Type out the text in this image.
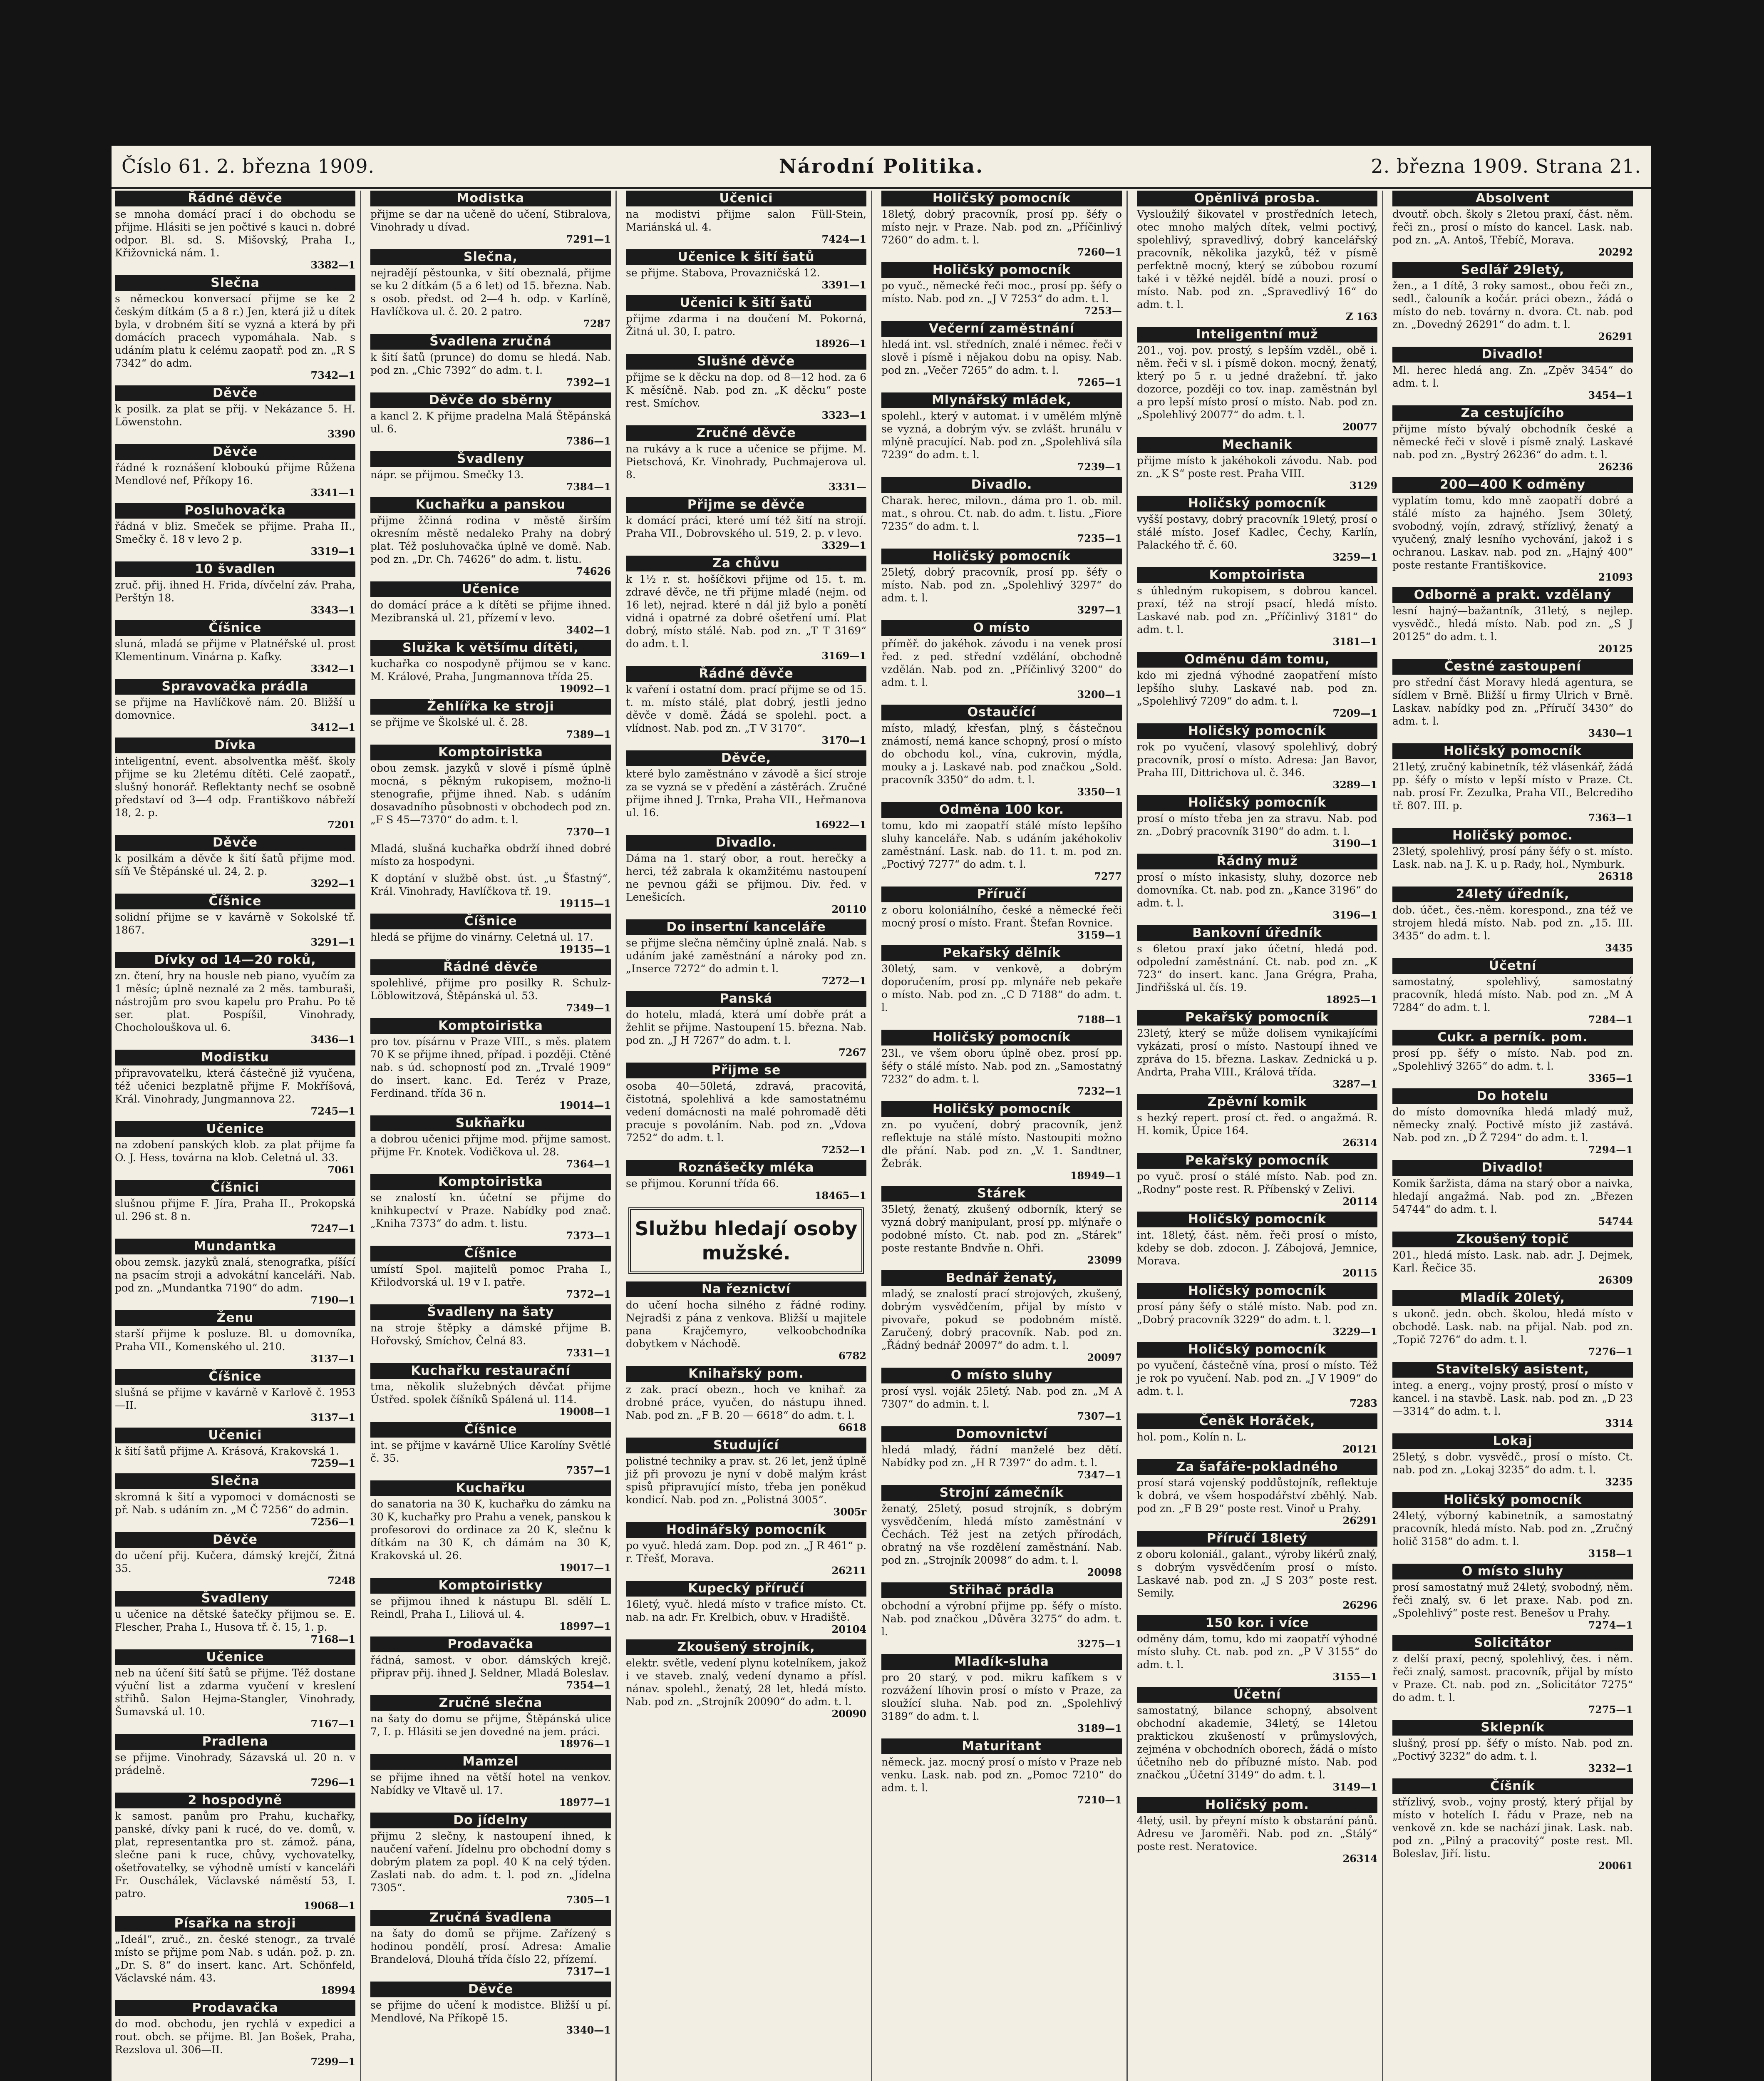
Číslo 61. 2. března 1909.	Národní Politika.	2. března 1909. Strana 21.
Řádné děvče
se mnoha domácí prací i do obchodu se přijme. Hlásiti se jen počtivé s kauci n. dobré odpor. Bl. sd. S. Mišovský, Praha I., Křižovnická nám. 1.
3382—1
Slečna
s německou konversací přijme se ke 2 českým dítkám (5 a 8 r.) Jen, která již u dítek byla, v drobném šití se vyzná a která by při domácích pracech vypomáhala. Nab. s udáním platu k celému zaopatř. pod zn. „R S 7342“ do adm.
7342—1
Děvče
k posilk. za plat se přij. v Nekázance 5. H. Löwenstohn.
3390
Děvče
řádné k roznášení kloboukú přijme Růžena Mendlové nef, Příkopy 16.
3341—1
Posluhovačka
řádná v bliz. Smeček se přijme. Praha II., Smečky č. 18 v levo 2 p.
3319—1
10 švadlen
zruč. přij. ihned H. Frida, dívčelní záv. Praha, Perštýn 18.
3343—1
Číšnice
sluná, mladá se přijme v Platnéřské ul. prost Klementinum. Vinárna p. Kafky.
3342—1
Spravovačka prádla
se přijme na Havlíčkově nám. 20. Bližší u domovnice.
3412—1
Dívka
inteligentní, event. absolventka měšť. školy přijme se ku 2letému dítěti. Celé zaopatř., slušný honorář. Reflektanty nechť se osobně představí od 3—4 odp. Františkovo nábřeží 18, 2. p.
7201
Děvče
k posilkám a děvče k šití šatů přijme mod. síň Ve Štěpánské ul. 24, 2. p.
3292—1
Číšnice
solidní přijme se v kavárně v Sokolské tř. 1867.
3291—1
Dívky od 14—20 roků,
zn. čtení, hry na housle neb piano, vyučím za 1 měsíc; úplně neznalé za 2 měs. tamburaši, nástrojům pro svou kapelu pro Prahu. Po tě ser. plat. Pospíšil, Vinohrady, Chocholouškova ul. 6.
3436—1
Modistku
připravovatelku, která částečně již vyučena, též učenici bezplatně přijme F. Mokříšová, Král. Vinohrady, Jungmannova 22.
7245—1
Učenice
na zdobení panských klob. za plat přijme fa O. J. Hess, továrna na klob. Celetná ul. 33.
7061
Číšnici
slušnou přijme F. Jíra, Praha II., Prokopská ul. 296 st. 8 n.
7247—1
Mundantka
obou zemsk. jazyků znalá, stenografka, píšící na psacím stroji a advokátní kanceláři. Nab. pod zn. „Mundantka 7190“ do adm.
7190—1
Ženu
starší přijme k posluze. Bl. u domovníka, Praha VII., Komenského ul. 210.
3137—1
Číšnice
slušná se přijme v kavárně v Karlově č. 1953—II.
3137—1
Učenici
k šití šatů přijme A. Krásová, Krakovská 1.
7259—1
Slečna
skromná k šití a vypomoci v domácnosti se př. Nab. s udáním zn. „M Č 7256“ do admin.
7256—1
Děvče
do učení přij. Kučera, dámský krejčí, Žitná 35.
7248
Švadleny
u učenice na dětské šatečky přijmou se. E. Flescher, Praha I., Husova tř. č. 15, 1. p.
7168—1
Učenice
neb na účení šití šatů se přijme. Též dostane výuční list a zdarma vyučení v kreslení střihů. Salon Hejma-Stangler, Vinohrady, Šumavská ul. 10.
7167—1
Pradlena
se přijme. Vinohrady, Sázavská ul. 20 n. v prádelně.
7296—1
2 hospodyně
k samost. panům pro Prahu, kuchařky, panské, dívky pani k rucé, do ve. domů, v. plat, representantka pro st. zámož. pána, slečne pani k ruce, chůvy, vychovatelky, ošetřovatelky, se výhodně umístí v kanceláři Fr. Ouschálek, Václavské náměstí 53, I. patro.
19068—1
Písařka na stroji
„Ideál“, zruč., zn. české stenogr., za trvalé místo se přijme pom Nab. s udán. pož. p. zn. „Dr. S. 8“ do insert. kanc. Art. Schönfeld, Václavské nám. 43.
18994
Prodavačka
do mod. obchodu, jen rychlá v expedici a rout. obch. se přijme. Bl. Jan Bošek, Praha, Rezslova ul. 306—II.
7299—1
Modistka
přijme se dar na učeně do učení, Stibralova, Vinohrady u dívad.
7291—1
Slečna,
nejradějí pěstounka, v šití obeznalá, přijme se ku 2 dítkám (5 a 6 let) od 15. března. Nab. s osob. předst. od 2—4 h. odp. v Karlíně, Havlíčkova ul. č. 20. 2 patro.
7287
Švadlena zručná
k šití šatů (prunce) do domu se hledá. Nab. pod zn. „Chic 7392“ do adm. t. l.
7392—1
Děvče do sběrny
a kancl 2. K přijme pradelna Malá Štěpánská ul. 6.
7386—1
Švadleny
nápr. se přijmou. Smečky 13.
7384—1
Kuchařku a panskou
přijme žčinná rodina v městě širším okresním městě nedaleko Prahy na dobrý plat. Též posluhovačka úplně ve domě. Nab. pod zn. „Dr. Ch. 74626“ do adm. t. listu.
74626
Učenice
do domácí práce a k dítěti se přijme ihned. Mezibranská ul. 21, přízemí v levo.
3402—1
Služka k většímu dítěti,
kuchařka co nospodyně přijmou se v kanc. M. Králové, Praha, Jungmannova třída 25.
19092—1
Žehlířka ke stroji
se přijme ve Školské ul. č. 28.
7389—1
Komptoiristka
obou zemsk. jazyků v slově i písmě úplně mocná, s pěkným rukopisem, možno-li stenografie, přijme ihned. Nab. s udáním dosavadního působnosti v obchodech pod zn. „F S 45—7370“ do adm. t. l.
7370—1
Mladá, slušná kuchařka obdrží ihned dobré místo za hospodyni.
K doptání v službě obst. úst. „u Šťastný“, Král. Vinohrady, Havlíčkova tř. 19.
19115—1
Číšnice
hledá se přijme do vinárny. Celetná ul. 17.
19135—1
Řádné děvče
spolehlivé, přijme pro posilky R. Schulz-Löblowitzová, Štěpánská ul. 53.
7349—1
Komptoiristka
pro tov. písárnu v Praze VIII., s měs. platem 70 K se přijme ihned, případ. i později. Ctěné nab. s úd. schopností pod zn. „Trvalé 1909“ do insert. kanc. Ed. Teréz v Praze, Ferdinand. třída 36 n.
19014—1
Sukňařku
a dobrou učenici přijme mod. přijme samost. přijme Fr. Knotek. Vodičkova ul. 28.
7364—1
Komptoiristka
se znalostí kn. účetní se přijme do knihkupectví v Praze. Nabídky pod znač. „Kniha 7373“ do adm. t. listu.
7373—1
Číšnice
umístí Spol. majitelů pomoc Praha I., Křilodvorská ul. 19 v I. patře.
7372—1
Švadleny na šaty
na stroje štěpky a dámské přijme B. Hořovský, Smíchov, Čelná 83.
7331—1
Kuchařku restaurační
tma, několik služebných děvčat přijme Ústřed. spolek číšníků Spálená ul. 114.
19008—1
Číšnice
int. se přijme v kavárně Ulice Karolíny Světlé č. 35.
7357—1
Kuchařku
do sanatoria na 30 K, kuchařku do zámku na 30 K, kuchařky pro Prahu a venek, panskou k profesorovi do ordinace za 20 K, slečnu k dítkám na 30 K, ch dámám na 30 K, Krakovská ul. 26.
19017—1
Komptoiristky
se přijmou ihned k nástupu Bl. sdělí L. Reindl, Praha I., Liliová ul. 4.
18997—1
Prodavačka
řádná, samost. v obor. dámských krejč. připrav přij. ihned J. Seldner, Mladá Boleslav.
7354—1
Zručné slečna
na šaty do domu se přijme, Štěpánská ulice 7, I. p. Hlásiti se jen dovedné na jem. práci.
18976—1
Mamzel
se přijme ihned na větší hotel na venkov. Nabídky ve Vltavě ul. 17.
18977—1
Do jídelny
přijmu 2 slečny, k nastoupení ihned, k naučení vaření. Jídelnu pro obchodní domy s dobrým platem za popl. 40 K na celý týden. Zaslati nab. do adm. t. l. pod zn. „Jídelna 7305“.
7305—1
Zručná švadlena
na šaty do domů se přijme. Zařízený s hodinou pondělí, prosí. Adresa: Amalie Brandelová, Dlouhá třída číslo 22, přízemí.
7317—1
Děvče
se přijme do učení k modistce. Bližší u pí. Mendlové, Na Příkopě 15.
3340—1
Učenici
na modistvi přijme salon Füll-Stein, Mariánská ul. 4.
7424—1
Učenice k šití šatů
se přijme. Stabova, Provazničská 12.
3391—1
Učenici k šití šatů
přijme zdarma i na doučení M. Pokorná, Žitná ul. 30, I. patro.
18926—1
Slušné děvče
přijme se k děcku na dop. od 8—12 hod. za 6 K měsíčně. Nab. pod zn. „K děcku“ poste rest. Smíchov.
3323—1
Zručné děvče
na rukávy a k ruce a učenice se přijme. M. Pietschová, Kr. Vinohrady, Puchmajerova ul. 8.
3331—
Přijme se děvče
k domácí práci, které umí též šití na strojí. Praha VII., Dobrovského ul. 519, 2. p. v levo.
3329—1
Za chůvu
k 1½ r. st. hošíčkovi přijme od 15. t. m. zdravé děvče, ne tři přijme mladé (nejm. od 16 let), nejrad. které n dál již bylo a ponětí vidná i opatrné za dobré ošetření umí. Plat dobrý, místo stálé. Nab. pod zn. „T T 3169“ do adm. t. l.
3169—1
Řádné děvče
k vaření i ostatní dom. prací přijme se od 15. t. m. místo stálé, plat dobrý, jestli jedno děvče v domě. Žádá se spolehl. poct. a vlídnost. Nab. pod zn. „T V 3170“.
3170—1
Děvče,
které bylo zaměstnáno v závodě a šicí stroje za se vyzná se v předění a zástěrách. Zručné přijme ihned J. Trnka, Praha VII., Heřmanova ul. 16.
16922—1
Divadlo.
Dáma na 1. starý obor, a rout. herečky a herci, též zabrala k okamžitému nastoupení ne pevnou gáži se přijmou. Div. řed. v Lenešicích.
20110
Do insertní kanceláře
se přijme slečna němčiny úplně znalá. Nab. s udáním jaké zaměstnání a nároky pod zn. „Inserce 7272“ do admin t. l.
7272—1
Panská
do hotelu, mladá, která umí dobře prát a žehlit se přijme. Nastoupení 15. března. Nab. pod zn. „J H 7267“ do adm. t. l.
7267
Přijme se
osoba 40—50letá, zdravá, pracovitá, čistotná, spolehlivá a kde samostatnému vedení domácnosti na malé pohromadě děti pracuje s povoláním. Nab. pod zn. „Vdova 7252“ do adm. t. l.
7252—1
Roznášečky mléka
se přijmou. Korunní třída 66.
18465—1
Službu hledají osoby mužské.
Na řeznictví
do učení hocha silného z řádné rodiny. Nejradši z pána z venkova. Bližší u majitele pana Krajčemyro, velkoobchodníka dobytkem v Náchodě.
6782
Knihařský pom.
z zak. prací obezn., hoch ve knihař. za drobné práce, vyučen, do nástupu ihned. Nab. pod zn. „F B. 20 — 6618“ do adm. t. l.
6618
Studující
polistné techniky a prav. st. 26 let, jenž úplně již při provozu je nyní v době malým krást spisů připravující místo, třeba jen poněkud kondicí. Nab. pod zn. „Polistná 3005“.
3005r
Hodinářský pomocník
po vyuč. hledá zam. Dop. pod zn. „J R 461“ p. r. Třešť, Morava.
26211
Kupecký příručí
16letý, vyuč. hledá místo v trafice místo. Ct. nab. na adr. Fr. Krelbich, obuv. v Hradiště.
20104
Zkoušený strojník,
elektr. světle, vedení plynu kotelníkem, jakož i ve staveb. znalý, vedení dynamo a přísl. nánav. spolehl., ženatý, 28 let, hledá místo. Nab. pod zn. „Strojník 20090“ do adm. t. l.
20090
Holičský pomocník
18letý, dobrý pracovník, prosí pp. šéfy o místo nejr. v Praze. Nab. pod zn. „Příčinlivý 7260“ do adm. t. l.
7260—1
Holičský pomocník
po vyuč., německé řeči moc., prosí pp. šéfy o místo. Nab. pod zn. „J V 7253“ do adm. t. l.
7253—
Večerní zaměstnání
hledá int. vsl. středních, znalé i němec. řeči v slově i písmě i nějakou dobu na opisy. Nab. pod zn. „Večer 7265“ do adm. t. l.
7265—1
Mlynářský mládek,
spolehl., který v automat. i v umělém mlýně se vyzná, a dobrým výv. se zvlášt. hrunálu v mlýně pracující. Nab. pod zn. „Spolehlivá síla 7239“ do adm. t. l.
7239—1
Divadlo.
Charak. herec, milovn., dáma pro 1. ob. mil. mat., s ohrou. Ct. nab. do adm. t. listu. „Fiore 7235“ do adm. t. l.
7235—1
Holičský pomocník
25letý, dobrý pracovník, prosí pp. šéfy o místo. Nab. pod zn. „Spolehlivý 3297“ do adm. t. l.
3297—1
O místo
příměř. do jakéhok. závodu i na venek prosí řed. z ped. střední vzdělání, obchodně vzdělán. Nab. pod zn. „Příčinlivý 3200“ do adm. t. l.
3200—1
Ostaučící
místo, mladý, křesťan, plný, s částečnou známostí, nemá kance schopný, prosí o místo do obchodu kol., vína, cukrovin, mýdla, mouky a j. Laskavé nab. pod značkou „Sold. pracovník 3350“ do adm. t. l.
3350—1
Odměna 100 kor.
tomu, kdo mi zaopatří stálé místo lepšího sluhy kanceláře. Nab. s udáním jakéhokoliv zaměstnání. Lask. nab. do 11. t. m. pod zn. „Poctivý 7277“ do adm. t. l.
7277
Příručí
z oboru koloniálního, české a německé řeči mocný prosí o místo. Frant. Štefan Rovnice.
3159—1
Pekařský dělník
30letý, sam. v venkově, a dobrým doporučením, prosí pp. mlynáře neb pekaře o místo. Nab. pod zn. „C D 7188“ do adm. t. l.
7188—1
Holičský pomocník
23l., ve všem oboru úplně obez. prosí pp. šéfy o stálé místo. Nab. pod zn. „Samostatný 7232“ do adm. t. l.
7232—1
Holičský pomocník
zn. po vyučení, dobrý pracovník, jenž reflektuje na stálé místo. Nastoupiti možno dle přání. Nab. pod zn. „V. 1. Sandtner, Žebrák.
18949—1
Stárek
35letý, ženatý, zkušený odborník, který se vyzná dobrý manipulant, prosí pp. mlýnaře o podobné místo. Ct. nab. pod zn. „Stárek“ poste restante Bndvňe n. Ohři.
23099
Bednář ženatý,
mladý, se znalostí prací strojových, zkušený, dobrým vysvědčením, přijal by místo v pivovaře, pokud se podobném místě. Zaručený, dobrý pracovník. Nab. pod zn. „Řádný bednář 20097“ do adm. t. l.
20097
O místo sluhy
prosí vysl. voják 25letý. Nab. pod zn. „M A 7307“ do admin. t. l.
7307—1
Domovnictví
hledá mladý, řádní manželé bez dětí. Nabídky pod zn. „H R 7397“ do adm. t. l.
7347—1
Strojní zámečník
ženatý, 25letý, posud strojník, s dobrým vysvědčením, hledá místo zaměstnání v Čechách. Též jest na zetých přírodách, obratný na vše rozdělení zaměstnání. Nab. pod zn. „Strojník 20098“ do adm. t. l.
20098
Střihač prádla
obchodní a výrobní přijme pp. šéfy o místo. Nab. pod značkou „Důvěra 3275“ do adm. t. l.
3275—1
Mladík-sluha
pro 20 starý, v pod. mikru kafíkem s v rozvážení líhovin prosí o místo v Praze, za sloužící sluha. Nab. pod zn. „Spolehlivý 3189“ do adm. t. l.
3189—1
Maturitant
německ. jaz. mocný prosí o místo v Praze neb venku. Lask. nab. pod zn. „Pomoc 7210“ do adm. t. l.
7210—1
Opěnlivá prosba.
Vysloužilý šikovatel v prostředních letech, otec mnoho malých dítek, velmi poctivý, spolehlivý, spravedlivý, dobrý kancelářský pracovník, několika jazyků, též v písmě perfektně mocný, který se zúbobou rozumí také i v těžké nejděl. bídě a nouzi. prosí o místo. Nab. pod zn. „Spravedlivý 16“ do adm. t. l.
Z 163
Inteligentní muž
201., voj. pov. prostý, s lepším vzděl., obě i. něm. řeči v sl. i písmě dokon. mocný, ženatý, který po 5 r. u jedné dražební. tř. jako dozorce, později co tov. inap. zaměstnán byl a pro lepší místo prosí o místo. Nab. pod zn. „Spolehlivý 20077“ do adm. t. l.
20077
Mechanik
přijme místo k jakéhokoli závodu. Nab. pod zn. „K S“ poste rest. Praha VIII.
3129
Holičský pomocník
vyšší postavy, dobrý pracovník 19letý, prosí o stálé místo. Josef Kadlec, Čechy, Karlín, Palackého tř. č. 60.
3259—1
Komptoirista
s úhledným rukopisem, s dobrou kancel. praxí, též na strojí psací, hledá místo. Laskavé nab. pod zn. „Příčinlivý 3181“ do adm. t. l.
3181—1
Odměnu dám tomu,
kdo mi zjedná výhodné zaopatření místo lepšího sluhy. Laskavé nab. pod zn. „Spolehlivý 7209“ do adm. t. l.
7209—1
Holičský pomocník
rok po vyučení, vlasový spolehlivý, dobrý pracovník, prosí o místo. Adresa: Jan Bavor, Praha III, Dittrichova ul. č. 346.
3289—1
Holičský pomocník
prosí o místo třeba jen za stravu. Nab. pod zn. „Dobrý pracovník 3190“ do adm. t. l.
3190—1
Řádný muž
prosí o místo inkasisty, sluhy, dozorce neb domovníka. Ct. nab. pod zn. „Kance 3196“ do adm. t. l.
3196—1
Bankovní úředník
s 6letou praxí jako účetní, hledá pod. odpolední zaměstnání. Ct. nab. pod zn. „K 723“ do insert. kanc. Jana Grégra, Praha, Jindřišská ul. čís. 19.
18925—1
Pekařský pomocník
23letý, který se může dolisem vynikajícími vykázati, prosí o místo. Nastoupí ihned ve zpráva do 15. března. Laskav. Zednická u p. Andrta, Praha VIII., Králová třída.
3287—1
Zpěvní komik
s hezký repert. prosí ct. řed. o angažmá. R. H. komik, Úpice 164.
26314
Pekařský pomocník
po vyuč. prosí o stálé místo. Nab. pod zn. „Rodny“ poste rest. R. Příbenský v Zelivi.
20114
Holičský pomocník
int. 18letý, část. něm. řeči prosí o místo, kdeby se dob. zdocon. J. Zábojová, Jemnice, Morava.
20115
Holičský pomocník
prosí pány šéfy o stálé místo. Nab. pod zn. „Dobrý pracovník 3229“ do adm. t. l.
3229—1
Holičský pomocník
po vyučení, částečně vína, prosí o místo. Též je rok po vyučení. Nab. pod zn. „J V 1909“ do adm. t. l.
7283
Čeněk Horáček,
hol. pom., Kolín n. L.
20121
Za šafáře-pokladného
prosí stará vojenský poddůstojník, reflektuje k dobrá, ve všem hospodářství zběhlý. Nab. pod zn. „F B 29“ poste rest. Vinoř u Prahy.
26291
Příručí 18letý
z oboru koloniál., galant., výroby likérů znalý, s dobrým vysvědčením prosí o místo. Laskavé nab. pod zn. „J S 203“ poste rest. Semily.
26296
150 kor. i více
odměny dám, tomu, kdo mi zaopatří výhodné místo sluhy. Ct. nab. pod zn. „P V 3155“ do adm. t. l.
3155—1
Účetní
samostatný, bilance schopný, absolvent obchodní akademie, 34letý, se 14letou praktickou zkušeností v průmyslových, zejména v obchodních oborech, žádá o místo účetního neb do příbuzné místo. Nab. pod značkou „Účetní 3149“ do adm. t. l.
3149—1
Holičský pom.
4letý, usil. by přeyní místo k obstarání pánů. Adresu ve Jaroměři. Nab. pod zn. „Stálý“ poste rest. Neratovice.
26314
Absolvent
dvoutř. obch. školy s 2letou praxí, část. něm. řeči zn., prosí o místo do kancel. Lask. nab. pod zn. „A. Antoš, Třebíč, Morava.
20292
Sedlář 29letý,
žen., a 1 dítě, 3 roky samost., obou řeči zn., sedl., čalouník a kočár. práci obezn., žádá o místo do neb. továrny n. dvora. Ct. nab. pod zn. „Dovedný 26291“ do adm. t. l.
26291
Divadlo!
Ml. herec hledá ang. Zn. „Zpěv 3454“ do adm. t. l.
3454—1
Za cestujícího
přijme místo bývalý obchodník české a německé řeči v slově i písmě znalý. Laskavé nab. pod zn. „Bystrý 26236“ do adm. t. l.
26236
200—400 K odměny
vyplatím tomu, kdo mně zaopatří dobré a stálé místo za hajného. Jsem 30letý, svobodný, vojín, zdravý, střízlivý, ženatý a vyučený, znalý lesního vychování, jakož i s ochranou. Laskav. nab. pod zn. „Hajný 400“ poste restante Františkovice.
21093
Odborně a prakt. vzdělaný
lesní hajný—bažantník, 31letý, s nejlep. vysvědč., hledá místo. Nab. pod zn. „S J 20125“ do adm. t. l.
20125
Čestné zastoupení
pro střední část Moravy hledá agentura, se sídlem v Brně. Bližší u firmy Ulrich v Brně. Laskav. nabídky pod zn. „Příručí 3430“ do adm. t. l.
3430—1
Holičský pomocník
21letý, zručný kabinetník, též vlásenkář, žádá pp. šéfy o místo v lepší místo v Praze. Ct. nab. prosí Fr. Zezulka, Praha VII., Belcrediho tř. 807. III. p.
7363—1
Holičský pomoc.
23letý, spolehlivý, prosí pány šéfy o st. místo. Lask. nab. na J. K. u p. Rady, hol., Nymburk.
26318
24letý úředník,
dob. účet., čes.-něm. korespond., zna též ve strojem hledá místo. Nab. pod zn. „15. III. 3435“ do adm. t. l.
3435
Účetní
samostatný, spolehlivý, samostatný pracovník, hledá místo. Nab. pod zn. „M A 7284“ do adm. t. l.
7284—1
Cukr. a perník. pom.
prosí pp. šéfy o místo. Nab. pod zn. „Spolehlivý 3265“ do adm. t. l.
3365—1
Do hotelu
do místo domovníka hledá mladý muž, německy znalý. Poctivě místo již zastává. Nab. pod zn. „D Ž 7294“ do adm. t. l.
7294—1
Divadlo!
Komik šaržista, dáma na starý obor a naivka, hledají angažmá. Nab. pod zn. „Březen 54744“ do adm. t. l.
54744
Zkoušený topič
201., hledá místo. Lask. nab. adr. J. Dejmek, Karl. Řečice 35.
26309
Mladík 20letý,
s ukonč. jedn. obch. školou, hledá místo v obchodě. Lask. nab. na přijal. Nab. pod zn. „Topič 7276“ do adm. t. l.
7276—1
Stavitelský asistent,
integ. a energ., vojny prostý, prosí o místo v kancel. i na stavbě. Lask. nab. pod zn. „D 23—3314“ do adm. t. l.
3314
Lokaj
25letý, s dobr. vysvědč., prosí o místo. Ct. nab. pod zn. „Lokaj 3235“ do adm. t. l.
3235
Holičský pomocník
24letý, výborný kabinetník, a samostatný pracovník, hledá místo. Nab. pod zn. „Zručný holič 3158“ do adm. t. l.
3158—1
O místo sluhy
prosí samostatný muž 24letý, svobodný, něm. řeči znalý, sv. 6 let praxe. Nab. pod zn. „Spolehlivý“ poste rest. Benešov u Prahy.
7274—1
Solicitátor
z delší praxí, pecný, spolehlivý, čes. i něm. řeči znalý, samost. pracovník, přijal by místo v Praze. Ct. nab. pod zn. „Solicitátor 7275“ do adm. t. l.
7275—1
Sklepník
slušný, prosí pp. šéfy o místo. Nab. pod zn. „Poctivý 3232“ do adm. t. l.
3232—1
Číšník
střízlivý, svob., vojny prostý, který přijal by místo v hotelích I. řádu v Praze, neb na venkově zn. kde se nachází jinak. Lask. nab. pod zn. „Pilný a pracovitý“ poste rest. Ml. Boleslav, Jiří. listu.
20061
